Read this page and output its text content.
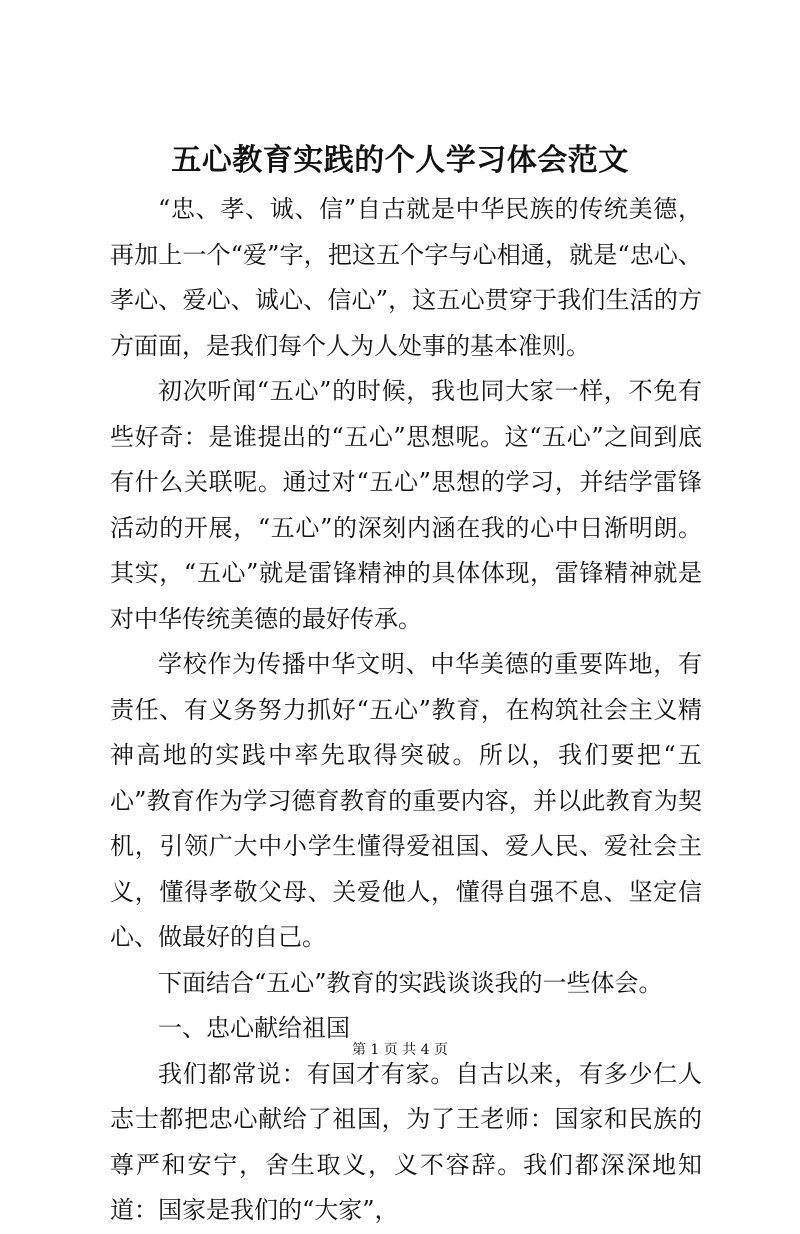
五心教育实践的个人学习体会范文

“忠、孝、诚、信”自古就是中华民族的传统美德，再加上一个“爱”字，把这五个字与心相通，就是“忠心、孝心、爱心、诚心、信心”，这五心贯穿于我们生活的方方面面，是我们每个人为人处事的基本准则。

初次听闻“五心”的时候，我也同大家一样，不免有些好奇：是谁提出的“五心”思想呢。这“五心”之间到底有什么关联呢。通过对“五心”思想的学习，并结学雷锋活动的开展，“五心”的深刻内涵在我的心中日渐明朗。其实，“五心”就是雷锋精神的具体体现，雷锋精神就是对中华传统美德的最好传承。

学校作为传播中华文明、中华美德的重要阵地，有责任、有义务努力抓好“五心”教育，在构筑社会主义精神高地的实践中率先取得突破。所以，我们要把“五心”教育作为学习德育教育的重要内容，并以此教育为契机，引领广大中小学生懂得爱祖国、爱人民、爱社会主义，懂得孝敬父母、关爱他人，懂得自强不息、坚定信心、做最好的自己。

下面结合“五心”教育的实践谈谈我的一些体会。

一、忠心献给祖国

我们都常说：有国才有家。自古以来，有多少仁人志士都把忠心献给了祖国，为了王老师：国家和民族的尊严和安宁，舍生取义，义不容辞。我们都深深地知道：国家是我们的“大家”，

第 1 页 共 4 页
